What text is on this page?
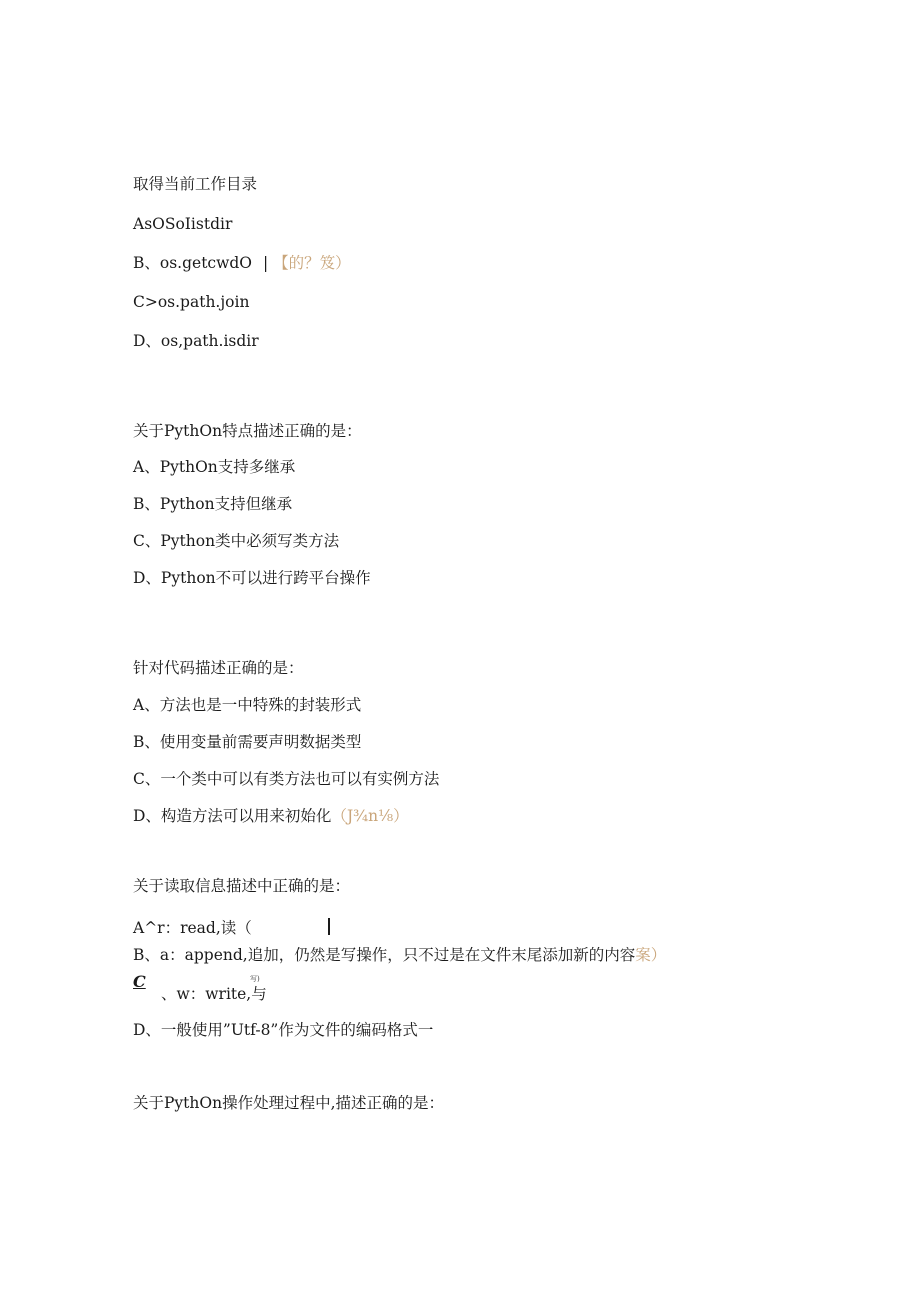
取得当前工作目录
AsOSoIistdir
B、os.getcwdO | 【的？笈）
C>os.path.join
D、os,path.isdir
关于PythOn特点描述正确的是：
A、PythOn支持多继承
B、Python支持但继承
C、Python类中必须写类方法
D、Python不可以进行跨平台操作
针对代码描述正确的是：
A、方法也是一中特殊的封装形式
B、使用变量前需要声明数据类型
C、一个类中可以有类方法也可以有实例方法
D、构造方法可以用来初始化（J¾n⅛）
关于读取信息描述中正确的是：
A^r：read,读（
B、a：append,追加，仍然是写操作，只不过是在文件末尾添加新的内容案）
C
、w：write,与
写)
D、一般使用”Utf-8”作为文件的编码格式一
关于PythOn操作处理过程中,描述正确的是：
